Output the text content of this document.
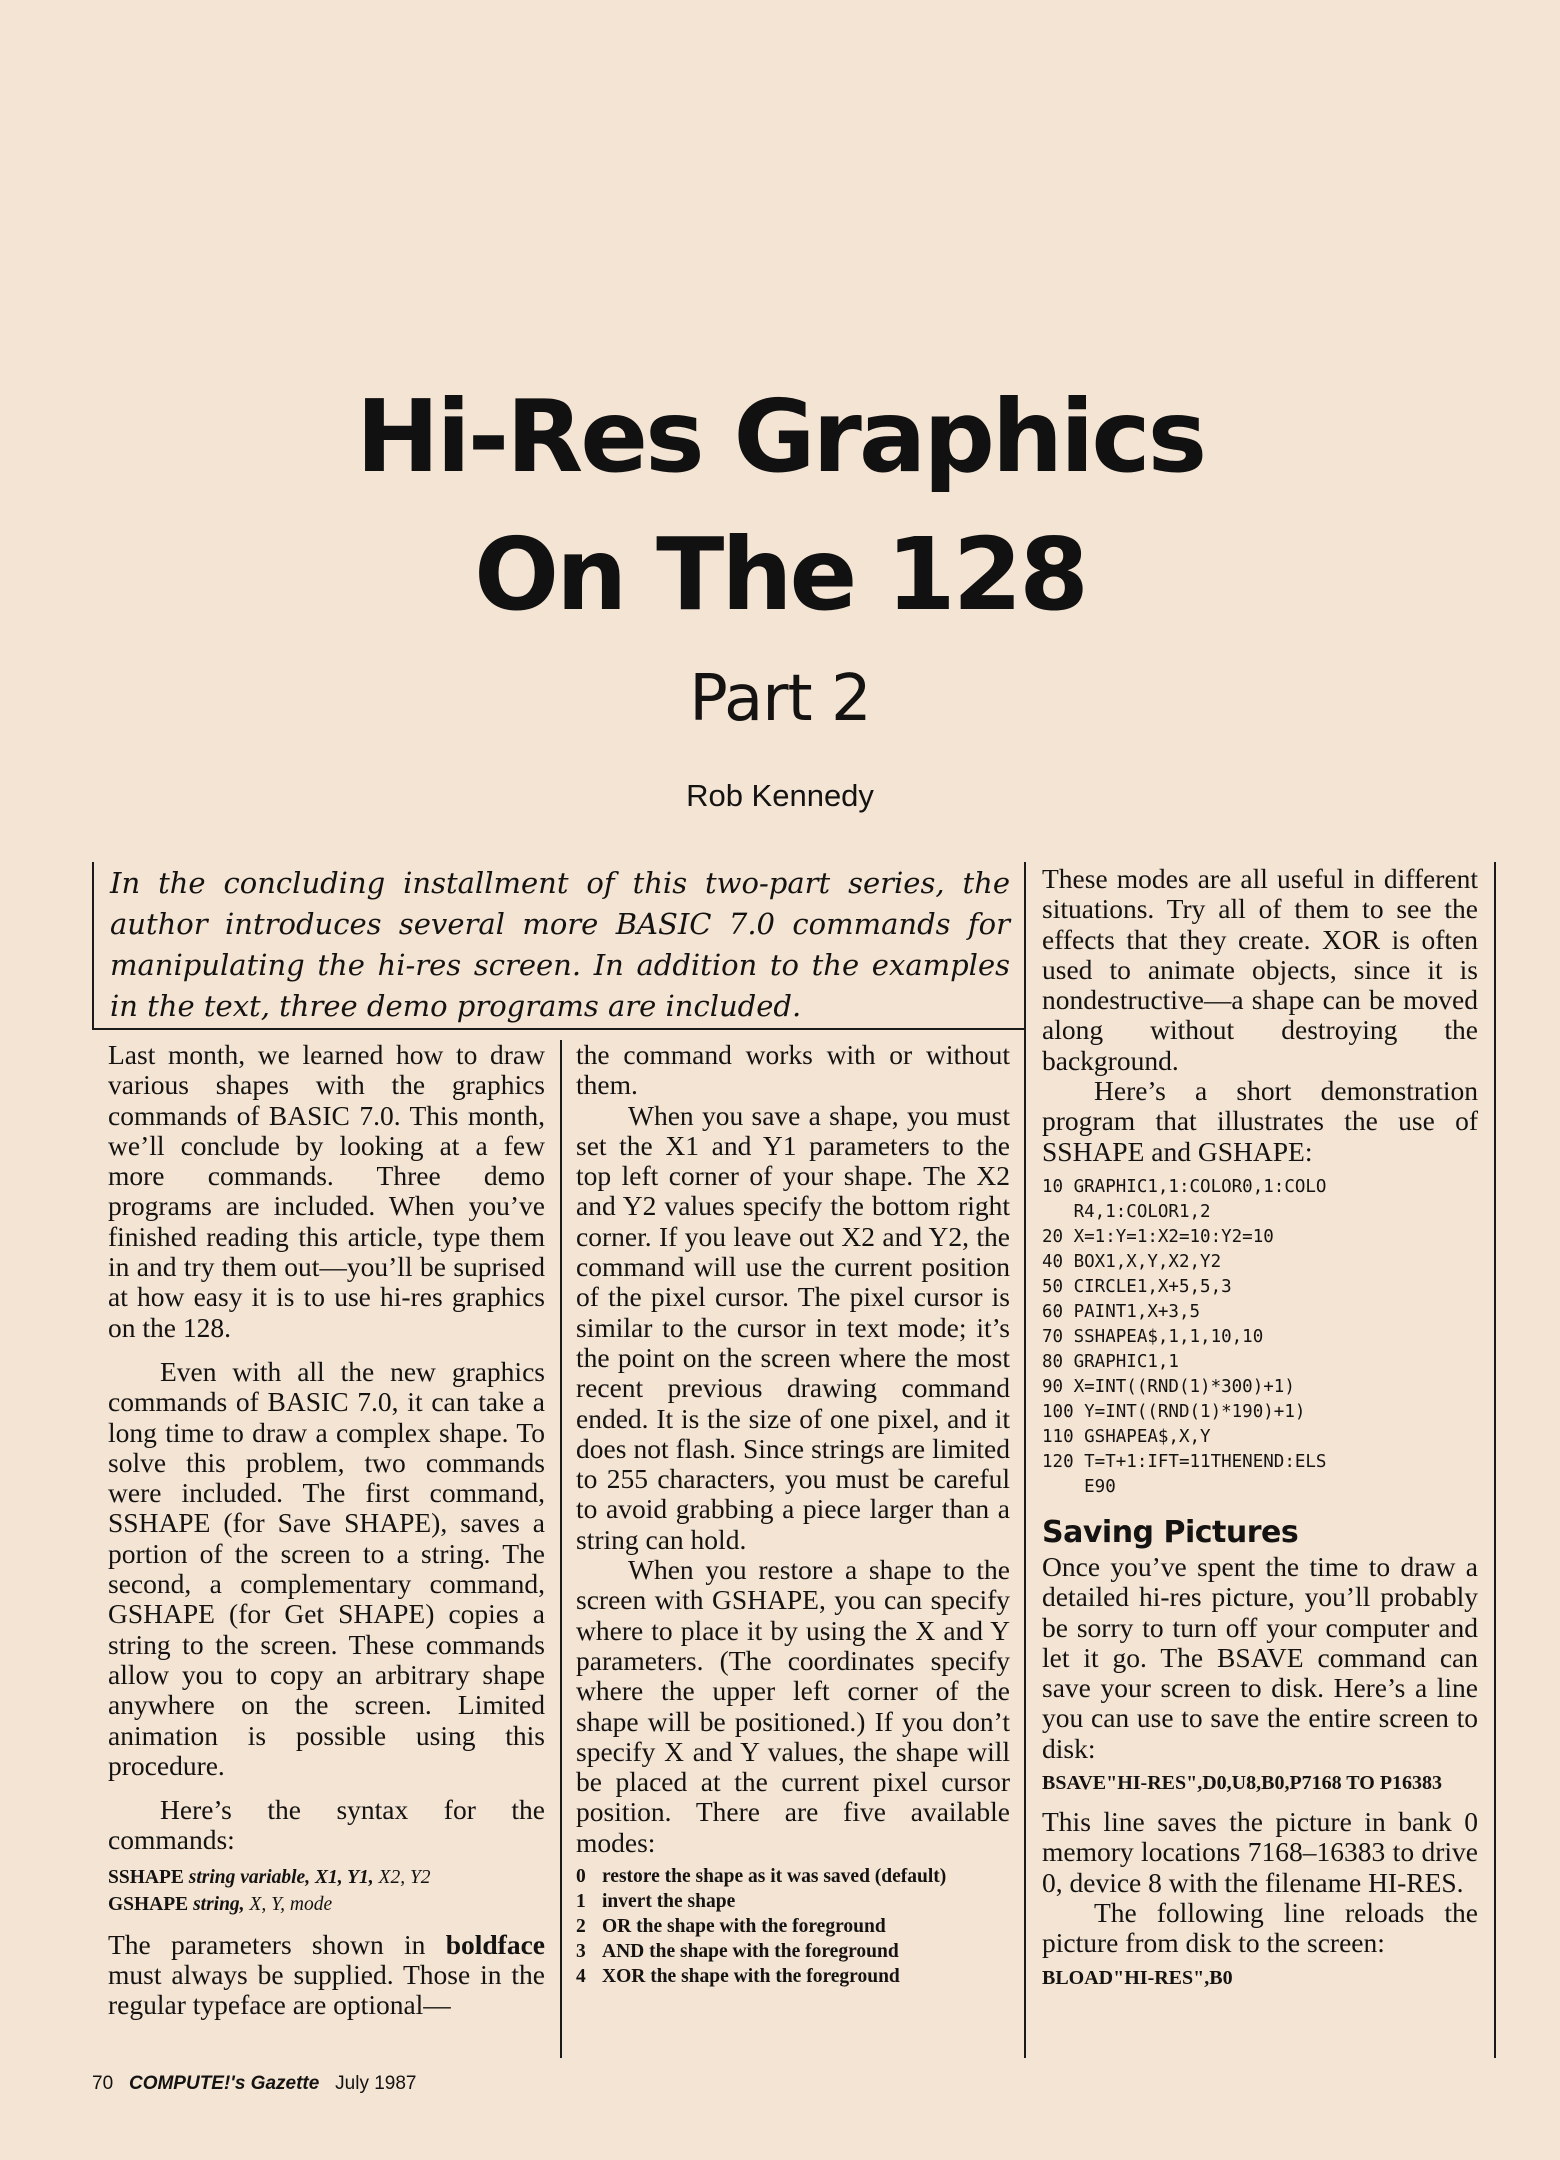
Hi-Res Graphics
On The 128
Part 2
Rob Kennedy
In the concluding installment of this two-part series, the author introduces several more BASIC 7.0 commands for manipulating the hi-res screen. In addition to the examples in the text, three demo programs are included.

Last month, we learned how to draw various shapes with the graphics commands of BASIC 7.0. This month, we’ll conclude by looking at a few more commands. Three demo programs are included. When you’ve finished reading this article, type them in and try them out—you’ll be suprised at how easy it is to use hi-res graphics on the 128.

Even with all the new graphics commands of BASIC 7.0, it can take a long time to draw a complex shape. To solve this problem, two commands were included. The first command, SSHAPE (for Save SHAPE), saves a portion of the screen to a string. The second, a complementary command, GSHAPE (for Get SHAPE) copies a string to the screen. These commands allow you to copy an arbitrary shape anywhere on the screen. Limited animation is possible using this procedure.

Here’s the syntax for the commands:

SSHAPE string variable, X1, Y1, X2, Y2
GSHAPE string, X, Y, mode

The parameters shown in boldface must always be supplied. Those in the regular typeface are optional—

the command works with or without them.

When you save a shape, you must set the X1 and Y1 parameters to the top left corner of your shape. The X2 and Y2 values specify the bottom right corner. If you leave out X2 and Y2, the command will use the current position of the pixel cursor. The pixel cursor is similar to the cursor in text mode; it’s the point on the screen where the most recent previous drawing command ended. It is the size of one pixel, and it does not flash. Since strings are limited to 255 characters, you must be careful to avoid grabbing a piece larger than a string can hold.

When you restore a shape to the screen with GSHAPE, you can specify where to place it by using the X and Y parameters. (The coordinates specify where the upper left corner of the shape will be positioned.) If you don’t specify X and Y values, the shape will be placed at the current pixel cursor position. There are five available modes:

0 restore the shape as it was saved (default)
1 invert the shape
2 OR the shape with the foreground
3 AND the shape with the foreground
4 XOR the shape with the foreground

These modes are all useful in different situations. Try all of them to see the effects that they create. XOR is often used to animate objects, since it is nondestructive—a shape can be moved along without destroying the background.

Here’s a short demonstration program that illustrates the use of SSHAPE and GSHAPE:

10 GRAPHIC1,1:COLOR0,1:COLO
R4,1:COLOR1,2
20 X=1:Y=1:X2=10:Y2=10
40 BOX1,X,Y,X2,Y2
50 CIRCLE1,X+5,5,3
60 PAINT1,X+3,5
70 SSHAPEA$,1,1,10,10
80 GRAPHIC1,1
90 X=INT((RND(1)*300)+1)
100 Y=INT((RND(1)*190)+1)
110 GSHAPEA$,X,Y
120 T=T+1:IFT=11THENEND:ELS
E90
Saving Pictures

Once you’ve spent the time to draw a detailed hi-res picture, you’ll probably be sorry to turn off your computer and let it go. The BSAVE command can save your screen to disk. Here’s a line you can use to save the entire screen to disk:

BSAVE"HI-RES",D0,U8,B0,P7168 TO P16383

This line saves the picture in bank 0 memory locations 7168–16383 to drive 0, device 8 with the filename HI-RES.

The following line reloads the picture from disk to the screen:

BLOAD"HI-RES",B0
70 COMPUTE!'s Gazette July 1987
